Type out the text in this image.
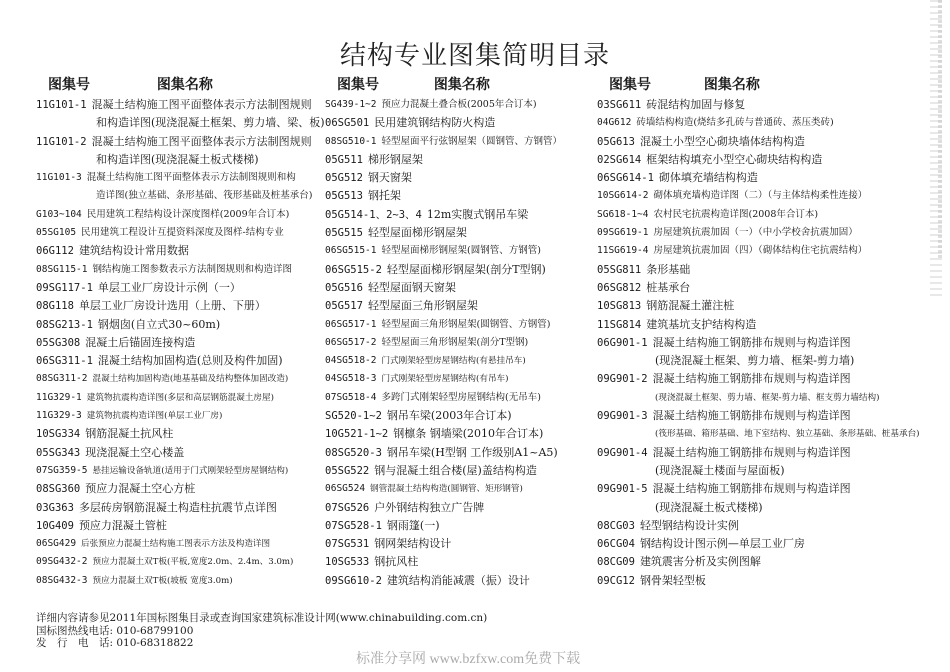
结构专业图集简明目录
图集号	图集名称
11G101-1 混凝土结构施工图平面整体表示方法制图规则
和构造详图(现浇混凝土框架、剪力墙、梁、板)
11G101-2 混凝土结构施工图平面整体表示方法制图规则
和构造详图(现浇混凝土板式楼梯)
11G101-3 混凝土结构施工图平面整体表示方法制图规则和构
造详图(独立基础、条形基础、筏形基础及桩基承台)
G103~104 民用建筑工程结构设计深度图样(2009年合订本)
05SG105 民用建筑工程设计互提资料深度及图样-结构专业
06G112 建筑结构设计常用数据
08SG115-1 钢结构施工图参数表示方法制图规则和构造详图
09SG117-1 单层工业厂房设计示例（一）
08G118 单层工业厂房设计选用（上册、下册）
08SG213-1 钢烟囱(自立式30~60m)
05SG308 混凝土后锚固连接构造
06SG311-1 混凝土结构加固构造(总则及构件加固)
08SG311-2 混凝土结构加固构造(地基基础及结构整体加固改造)
11G329-1 建筑物抗震构造详图(多层和高层钢筋混凝土房屋)
11G329-3 建筑物抗震构造详图(单层工业厂房)
10SG334 钢筋混凝土抗风柱
05SG343 现浇混凝土空心楼盖
07SG359-5 悬挂运输设备轨道(适用于门式刚架轻型房屋钢结构)
08SG360 预应力混凝土空心方桩
03G363 多层砖房钢筋混凝土构造柱抗震节点详图
10G409 预应力混凝土管桩
06SG429 后张预应力混凝土结构施工图表示方法及构造详图
09SG432-2 预应力混凝土双T板(平板,宽度2.0m、2.4m、3.0m)
08SG432-3 预应力混凝土双T板(坡板 宽度3.0m)
图集号	图集名称
SG439-1~2 预应力混凝土叠合板(2005年合订本)
06SG501 民用建筑钢结构防火构造
08SG510-1 轻型屋面平行弦钢屋架（圆钢管、方钢管）
05G511 梯形钢屋架
05G512 钢天窗架
05G513 钢托架
05G514-1、2~3、4 12m实腹式钢吊车梁
05G515 轻型屋面梯形钢屋架
06SG515-1 轻型屋面梯形钢屋架(圆钢管、方钢管)
06SG515-2 轻型屋面梯形钢屋架(剖分T型钢)
05G516 轻型屋面钢天窗架
05G517 轻型屋面三角形钢屋架
06SG517-1 轻型屋面三角形钢屋架(圆钢管、方钢管)
06SG517-2 轻型屋面三角形钢屋架(剖分T型钢)
04SG518-2 门式刚架轻型房屋钢结构(有悬挂吊车)
04SG518-3 门式刚架轻型房屋钢结构(有吊车)
07SG518-4 多跨门式刚架轻型房屋钢结构(无吊车)
SG520-1~2 钢吊车梁(2003年合订本)
10G521-1~2 钢檩条 钢墙梁(2010年合订本)
08SG520-3 钢吊车梁(H型钢 工作级别A1~A5)
05SG522 钢与混凝土组合楼(屋)盖结构构造
06SG524 钢管混凝土结构构造(圆钢管、矩形钢管)
07SG526 户外钢结构独立广告牌
07SG528-1 钢雨篷(一)
07SG531 钢网架结构设计
10SG533 钢抗风柱
09SG610-2 建筑结构消能减震（振）设计
图集号	图集名称
03SG611 砖混结构加固与修复
04G612 砖墙结构构造(烧结多孔砖与普通砖、蒸压类砖)
05G613 混凝土小型空心砌块墙体结构构造
02SG614 框架结构填充小型空心砌块结构构造
06SG614-1 砌体填充墙结构构造
10SG614-2 砌体填充墙构造详图（二）（与主体结构柔性连接）
SG618-1~4 农村民宅抗震构造详图(2008年合订本)
09SG619-1 房屋建筑抗震加固（一）（中小学校舍抗震加固）
11SG619-4 房屋建筑抗震加固（四）（砌体结构住宅抗震结构）
05SG811 条形基础
06SG812 桩基承台
10SG813 钢筋混凝土灌注桩
11SG814 建筑基坑支护结构构造
06G901-1 混凝土结构施工钢筋排布规则与构造详图
(现浇混凝土框架、剪力墙、框架-剪力墙)
09G901-2 混凝土结构施工钢筋排布规则与构造详图
(现浇混凝土框架、剪力墙、框架-剪力墙、框支剪力墙结构)
09G901-3 混凝土结构施工钢筋排布规则与构造详图
(筏形基础、箱形基础、地下室结构、独立基础、条形基础、桩基承台)
09G901-4 混凝土结构施工钢筋排布规则与构造详图
(现浇混凝土楼面与屋面板)
09G901-5 混凝土结构施工钢筋排布规则与构造详图
(现浇混凝土板式楼梯)
08CG03 轻型钢结构设计实例
06CG04 钢结构设计图示例—单层工业厂房
08CG09 建筑震害分析及实例图解
09CG12 钢骨架轻型板
详细内容请参见2011年国标图集目录或查询国家建筑标准设计网(www.chinabuilding.com.cn)
国标图热线电话: 010-68799100
发　行　电　话: 010-68318822
标准分享网 www.bzfxw.com免费下载
